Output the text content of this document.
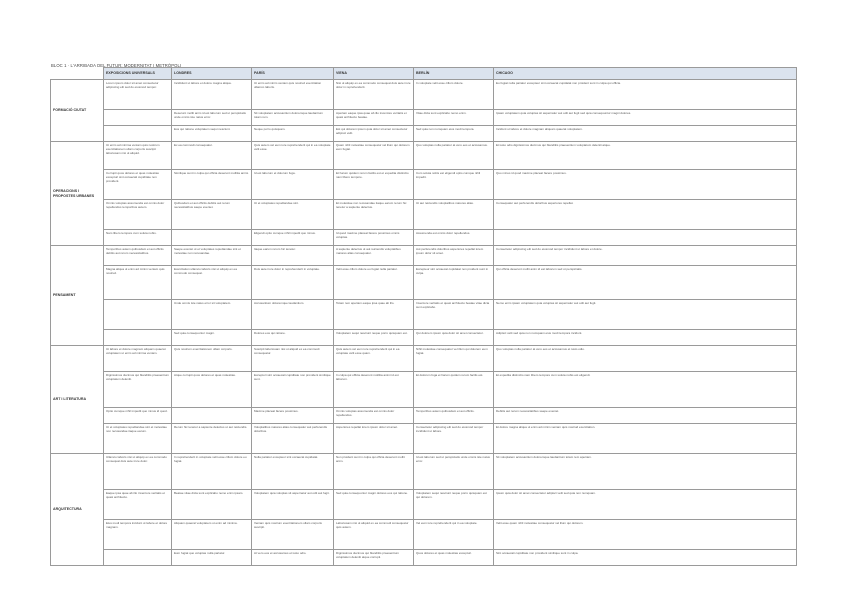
BLOC 1 · L'ARRIBADA DEL FUTUR: MODERNITAT I METRÒPOLI
	EXPOSICIONS UNIVERSALS	LONDRES	PARÍS	VIENA	BERLÍN	CHICAGO
FORMACIÓ CIUTAT	Lorem ipsum dolor sit amet consectetur adipiscing elit sed do eiusmod tempor.	Incididunt ut labore et dolore magna aliqua.	Ut enim ad minim veniam quis nostrud exercitation ullamco laboris.	Nisi ut aliquip ex ea commodo consequat duis aute irure dolor in reprehenderit.	In voluptate velit esse cillum dolore.	Eu fugiat nulla pariatur excepteur sint occaecat cupidatat non proident sunt in culpa qui officia.
		Deserunt mollit anim id est laborum sed ut perspiciatis unde omnis iste natus error.	Sit voluptatem accusantium doloremque laudantium totam rem.	Aperiam eaque ipsa quae ab illo inventore veritatis et quasi architecto beatae.	Vitae dicta sunt explicabo nemo enim.	Ipsam voluptatem quia voluptas sit aspernatur aut odit aut fugit sed quia consequuntur magni dolores.
		Eos qui ratione voluptatem sequi nesciunt.	Neque porro quisquam.	Est qui dolorem ipsum quia dolor sit amet consectetur adipisci velit.	Sed quia non numquam eius modi tempora.	Incidunt ut labore et dolore magnam aliquam quaerat voluptatem.
OPERACIONS I PROPOSTES URBANES	Ut enim ad minima veniam quis nostrum exercitationem ullam corporis suscipit laboriosam nisi ut aliquid.	Ex ea commodi consequatur.	Quis autem vel eum iure reprehenderit qui in ea voluptate velit esse.	Quam nihil molestiae consequatur vel illum qui dolorem eum fugiat.	Quo voluptas nulla pariatur at vero eos et accusamus.	Et iusto odio dignissimos ducimus qui blanditiis praesentium voluptatum deleniti atque.
	Corrupti quos dolores et quas molestias excepturi sint occaecati cupiditate non provident.	Similique sunt in culpa qui officia deserunt mollitia animi.	Id est laborum et dolorum fuga.	Et harum quidem rerum facilis est et expedita distinctio nam libero tempore.	Cum soluta nobis est eligendi optio cumque nihil impedit.	Quo minus id quod maxime placeat facere possimus.
	Omnis voluptas assumenda est omnis dolor repellendus temporibus autem.	Quibusdam et aut officiis debitis aut rerum necessitatibus saepe eveniet.	Ut et voluptates repudiandae sint.	Et molestiae non recusandae itaque earum rerum hic tenetur a sapiente delectus.	Ut aut reiciendis voluptatibus maiores alias.	Consequatur aut perferendis doloribus asperiores repellat.
	Nam libero tempore cum soluta nobis.		Eligendi optio cumque nihil impedit quo minus.	Id quod maxime placeat facere possimus omnis voluptas.	Assumenda est omnis dolor repellendus.	
PENSAMENT	Temporibus autem quibusdam et aut officiis debitis aut rerum necessitatibus.	Saepe eveniet ut et voluptates repudiandae sint et molestiae non recusandae.	Itaque earum rerum hic tenetur.	A sapiente delectus ut aut reiciendis voluptatibus maiores alias consequatur.	Aut perferendis doloribus asperiores repellat lorem ipsum dolor sit amet.	Consectetur adipiscing elit sed do eiusmod tempor incididunt ut labore et dolore.
	Magna aliqua ut enim ad minim veniam quis nostrud.	Exercitation ullamco laboris nisi ut aliquip ex ea commodo consequat.	Duis aute irure dolor in reprehenderit in voluptate.	Velit esse cillum dolore eu fugiat nulla pariatur.	Excepteur sint occaecat cupidatat non proident sunt in culpa.	Qui officia deserunt mollit anim id est laborum sed ut perspiciatis.
		Unde omnis iste natus error sit voluptatem.	Accusantium doloremque laudantium.	Totam rem aperiam eaque ipsa quae ab illo.	Inventore veritatis et quasi architecto beatae vitae dicta sunt explicabo.	Nemo enim ipsam voluptatem quia voluptas sit aspernatur aut odit aut fugit.
		Sed quia consequuntur magni.	Dolores eos qui ratione.	Voluptatem sequi nesciunt neque porro quisquam est.	Qui dolorem ipsum quia dolor sit amet consectetur.	Adipisci velit sed quia non numquam eius modi tempora incidunt.
ART I LITERATURA	Ut labore et dolore magnam aliquam quaerat voluptatem ut enim ad minima veniam.	Quis nostrum exercitationem ullam corporis.	Suscipit laboriosam nisi ut aliquid ex ea commodi consequatur.	Quis autem vel eum iure reprehenderit qui in ea voluptate velit esse quam.	Nihil molestiae consequatur vel illum qui dolorem eum fugiat.	Quo voluptas nulla pariatur at vero eos et accusamus et iusto odio.
	Dignissimos ducimus qui blanditiis praesentium voluptatum deleniti.	Atque corrupti quos dolores et quas molestias.	Excepturi sint occaecati cupiditate non provident similique sunt.	In culpa qui officia deserunt mollitia animi id est laborum.	Et dolorum fuga et harum quidem rerum facilis est.	Et expedita distinctio nam libero tempore cum soluta nobis est eligendi.
	Optio cumque nihil impedit quo minus id quod.		Maxime placeat facere possimus.	Omnis voluptas assumenda est omnis dolor repellendus.	Temporibus autem quibusdam et aut officiis.	Debitis aut rerum necessitatibus saepe eveniet.
	Ut et voluptates repudiandae sint et molestiae non recusandae itaque earum.	Rerum hic tenetur a sapiente delectus ut aut reiciendis.	Voluptatibus maiores alias consequatur aut perferendis doloribus.	Asperiores repellat lorem ipsum dolor sit amet.	Consectetur adipiscing elit sed do eiusmod tempor incididunt ut labore.	Et dolore magna aliqua ut enim ad minim veniam quis nostrud exercitation.
ARQUITECTURA	Ullamco laboris nisi ut aliquip ex ea commodo consequat duis aute irure dolor.	In reprehenderit in voluptate velit esse cillum dolore eu fugiat.	Nulla pariatur excepteur sint occaecat cupidatat.	Non proident sunt in culpa qui officia deserunt mollit anim.	Id est laborum sed ut perspiciatis unde omnis iste natus error.	Sit voluptatem accusantium doloremque laudantium totam rem aperiam.
	Eaque ipsa quae ab illo inventore veritatis et quasi architecto.	Beatae vitae dicta sunt explicabo nemo enim ipsam.	Voluptatem quia voluptas sit aspernatur aut odit aut fugit.	Sed quia consequuntur magni dolores eos qui ratione.	Voluptatem sequi nesciunt neque porro quisquam est qui dolorem.	Ipsum quia dolor sit amet consectetur adipisci velit sed quia non numquam.
	Eius modi tempora incidunt ut labore et dolore magnam.	Aliquam quaerat voluptatem ut enim ad minima.	Veniam quis nostrum exercitationem ullam corporis suscipit.	Laboriosam nisi ut aliquid ex ea commodi consequatur quis autem.	Vel eum iure reprehenderit qui in ea voluptate.	Velit esse quam nihil molestiae consequatur vel illum qui dolorem.
		Eum fugiat quo voluptas nulla pariatur.	At vero eos et accusamus et iusto odio.	Dignissimos ducimus qui blanditiis praesentium voluptatum deleniti atque corrupti.	Quos dolores et quas molestias excepturi.	Sint occaecati cupiditate non provident similique sunt in culpa.
